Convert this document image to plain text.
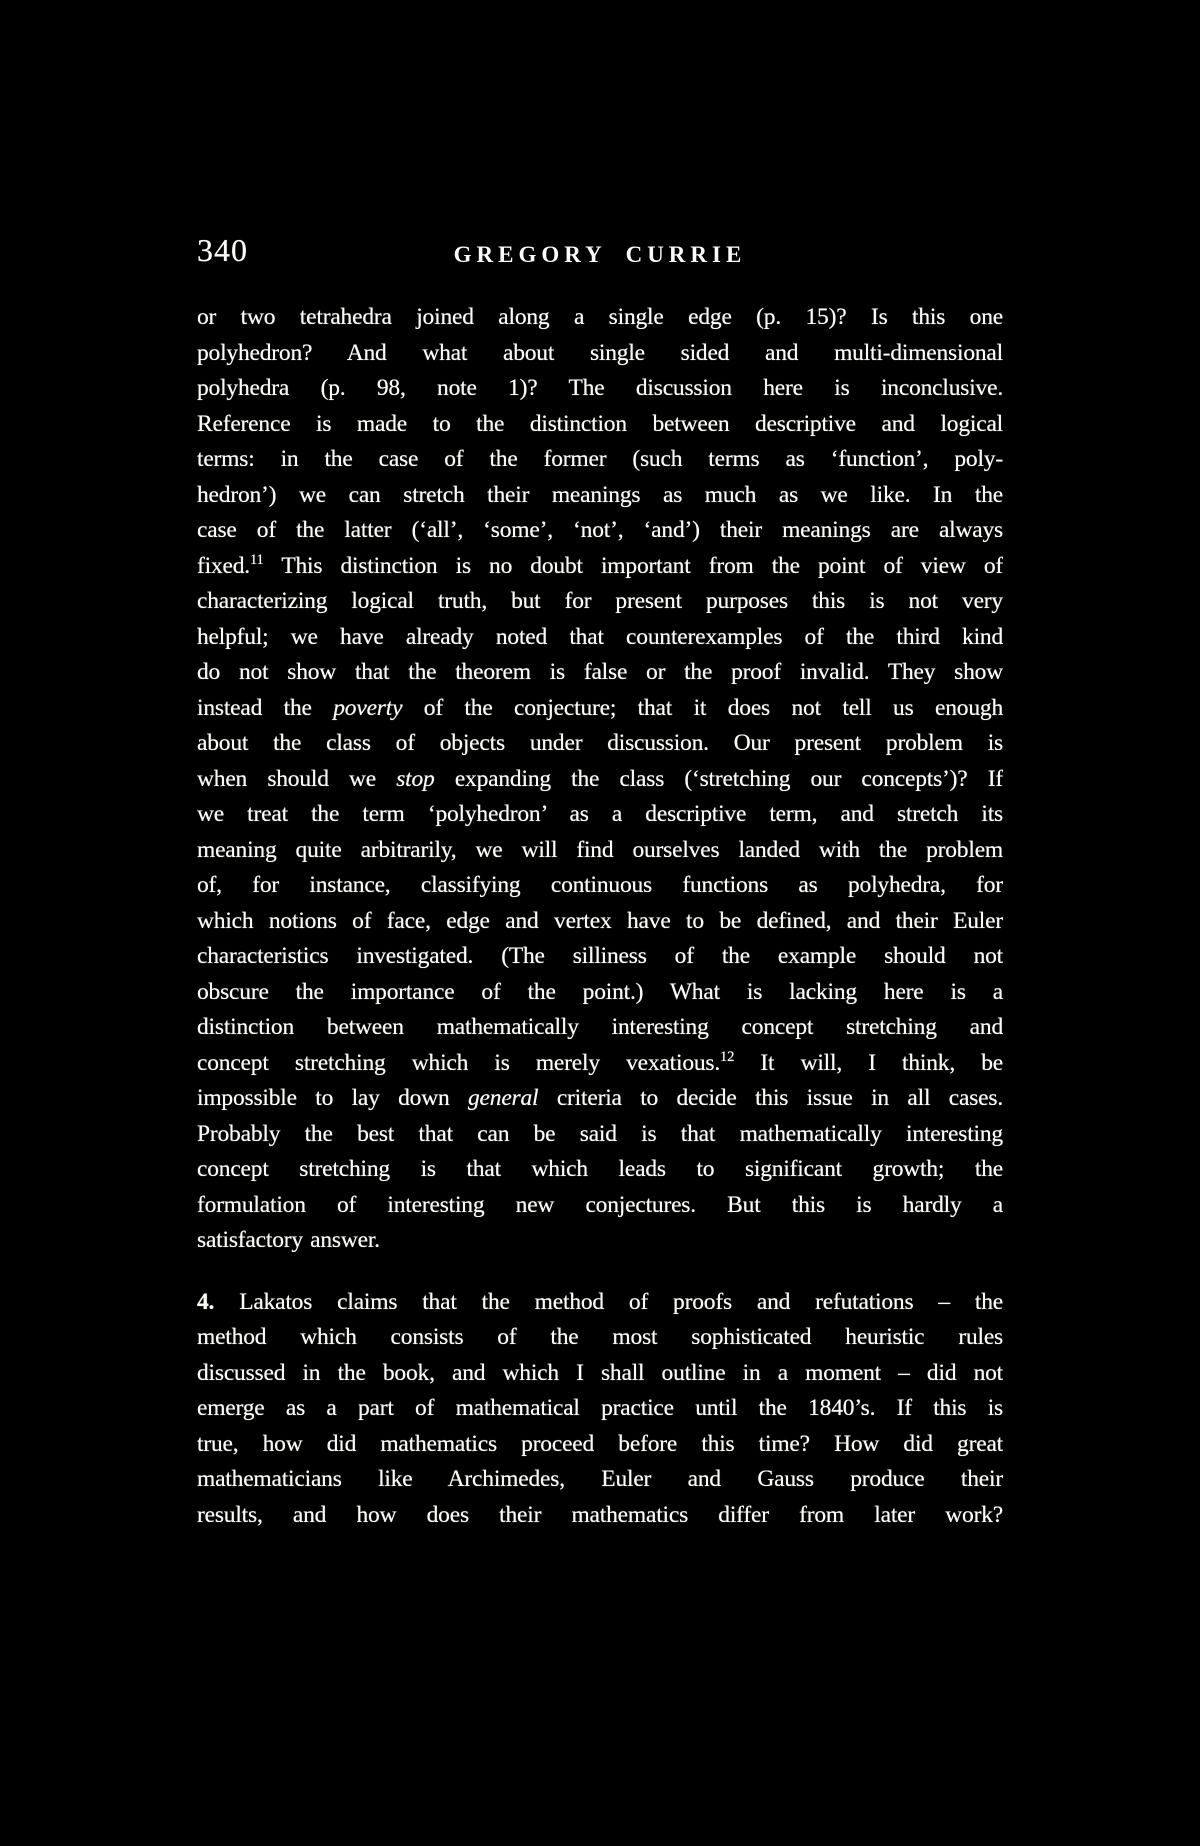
340	GREGORY CURRIE
or two tetrahedra joined along a single edge (p. 15)? Is this one
polyhedron? And what about single sided and multi-dimensional
polyhedra (p. 98, note 1)? The discussion here is inconclusive.
Reference is made to the distinction between descriptive and logical
terms: in the case of the former (such terms as ‘function’, poly-
hedron’) we can stretch their meanings as much as we like. In the
case of the latter (‘all’, ‘some’, ‘not’, ‘and’) their meanings are always
fixed.$^{11}$ This distinction is no doubt important from the point of view of
characterizing logical truth, but for present purposes this is not very
helpful; we have already noted that counterexamples of the third kind
do not show that the theorem is false or the proof invalid. They show
instead the poverty of the conjecture; that it does not tell us enough
about the class of objects under discussion. Our present problem is
when should we stop expanding the class (‘stretching our concepts’)? If
we treat the term ‘polyhedron’ as a descriptive term, and stretch its
meaning quite arbitrarily, we will find ourselves landed with the problem
of, for instance, classifying continuous functions as polyhedra, for
which notions of face, edge and vertex have to be defined, and their Euler
characteristics investigated. (The silliness of the example should not
obscure the importance of the point.) What is lacking here is a
distinction between mathematically interesting concept stretching and
concept stretching which is merely vexatious.$^{12}$ It will, I think, be
impossible to lay down general criteria to decide this issue in all cases.
Probably the best that can be said is that mathematically interesting
concept stretching is that which leads to significant growth; the
formulation of interesting new conjectures. But this is hardly a
satisfactory answer.
4. Lakatos claims that the method of proofs and refutations – the
method which consists of the most sophisticated heuristic rules
discussed in the book, and which I shall outline in a moment – did not
emerge as a part of mathematical practice until the 1840’s. If this is
true, how did mathematics proceed before this time? How did great
mathematicians like Archimedes, Euler and Gauss produce their
results, and how does their mathematics differ from later work?
